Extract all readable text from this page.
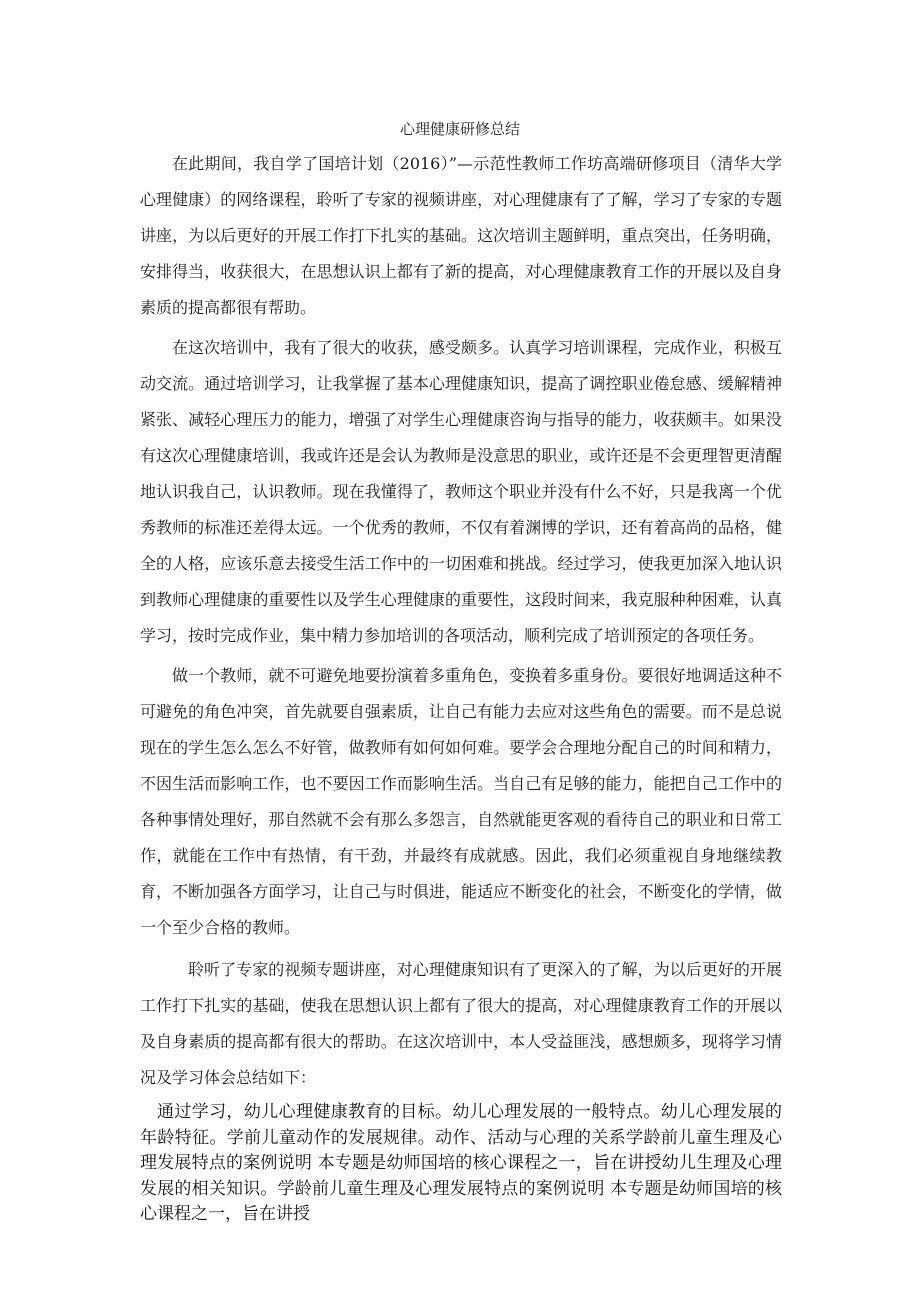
心理健康研修总结

在此期间，我自学了国培计划（2016）”—示范性教师工作坊高端研修项目（清华大学心理健康）的网络课程，聆听了专家的视频讲座，对心理健康有了了解，学习了专家的专题讲座，为以后更好的开展工作打下扎实的基础。这次培训主题鲜明，重点突出，任务明确，安排得当，收获很大，在思想认识上都有了新的提高，对心理健康教育工作的开展以及自身素质的提高都很有帮助。

在这次培训中，我有了很大的收获，感受颇多。认真学习培训课程，完成作业，积极互动交流。通过培训学习，让我掌握了基本心理健康知识，提高了调控职业倦怠感、缓解精神紧张、减轻心理压力的能力，增强了对学生心理健康咨询与指导的能力，收获颇丰。如果没有这次心理健康培训，我或许还是会认为教师是没意思的职业，或许还是不会更理智更清醒地认识我自己，认识教师。现在我懂得了，教师这个职业并没有什么不好，只是我离一个优秀教师的标准还差得太远。一个优秀的教师，不仅有着渊博的学识，还有着高尚的品格，健全的人格，应该乐意去接受生活工作中的一切困难和挑战。经过学习，使我更加深入地认识到教师心理健康的重要性以及学生心理健康的重要性，这段时间来，我克服种种困难，认真学习，按时完成作业，集中精力参加培训的各项活动，顺利完成了培训预定的各项任务。

做一个教师，就不可避免地要扮演着多重角色，变换着多重身份。要很好地调适这种不可避免的角色冲突，首先就要自强素质，让自己有能力去应对这些角色的需要。而不是总说现在的学生怎么怎么不好管，做教师有如何如何难。要学会合理地分配自己的时间和精力，不因生活而影响工作，也不要因工作而影响生活。当自己有足够的能力，能把自己工作中的各种事情处理好，那自然就不会有那么多怨言，自然就能更客观的看待自己的职业和日常工作，就能在工作中有热情，有干劲，并最终有成就感。因此，我们必须重视自身地继续教育，不断加强各方面学习，让自己与时俱进，能适应不断变化的社会，不断变化的学情，做一个至少合格的教师。

聆听了专家的视频专题讲座，对心理健康知识有了更深入的了解，为以后更好的开展工作打下扎实的基础，使我在思想认识上都有了很大的提高，对心理健康教育工作的开展以及自身素质的提高都有很大的帮助。在这次培训中，本人受益匪浅，感想颇多，现将学习情况及学习体会总结如下：

通过学习，幼儿心理健康教育的目标。幼儿心理发展的一般特点。幼儿心理发展的年龄特征。学前儿童动作的发展规律。动作、活动与心理的关系学龄前儿童生理及心理发展特点的案例说明 本专题是幼师国培的核心课程之一，旨在讲授幼儿生理及心理发展的相关知识。学龄前儿童生理及心理发展特点的案例说明 本专题是幼师国培的核心课程之一，旨在讲授
